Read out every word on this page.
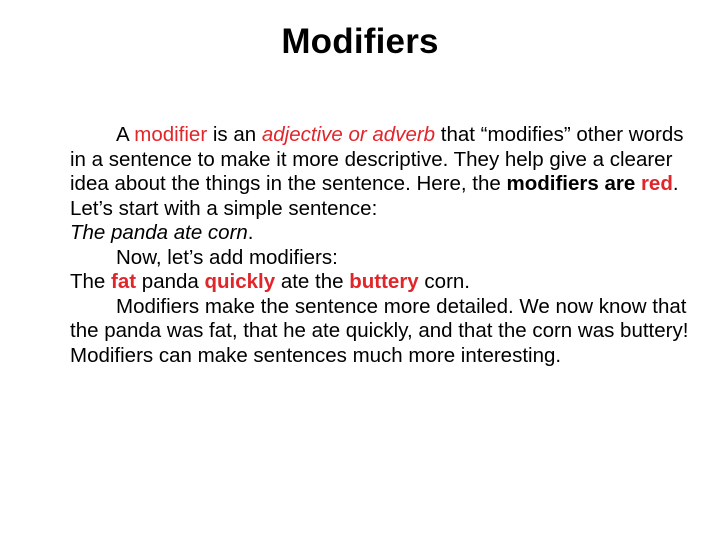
Modifiers

A modifier is an adjective or adverb that “modifies” other words in a sentence to make it more descriptive. They help give a clearer idea about the things in the sentence. Here, the modifiers are red. Let’s start with a simple sentence:

The panda ate corn.

Now, let’s add modifiers:

The fat panda quickly ate the buttery corn.

Modifiers make the sentence more detailed. We now know that the panda was fat, that he ate quickly, and that the corn was buttery! Modifiers can make sentences much more interesting.
